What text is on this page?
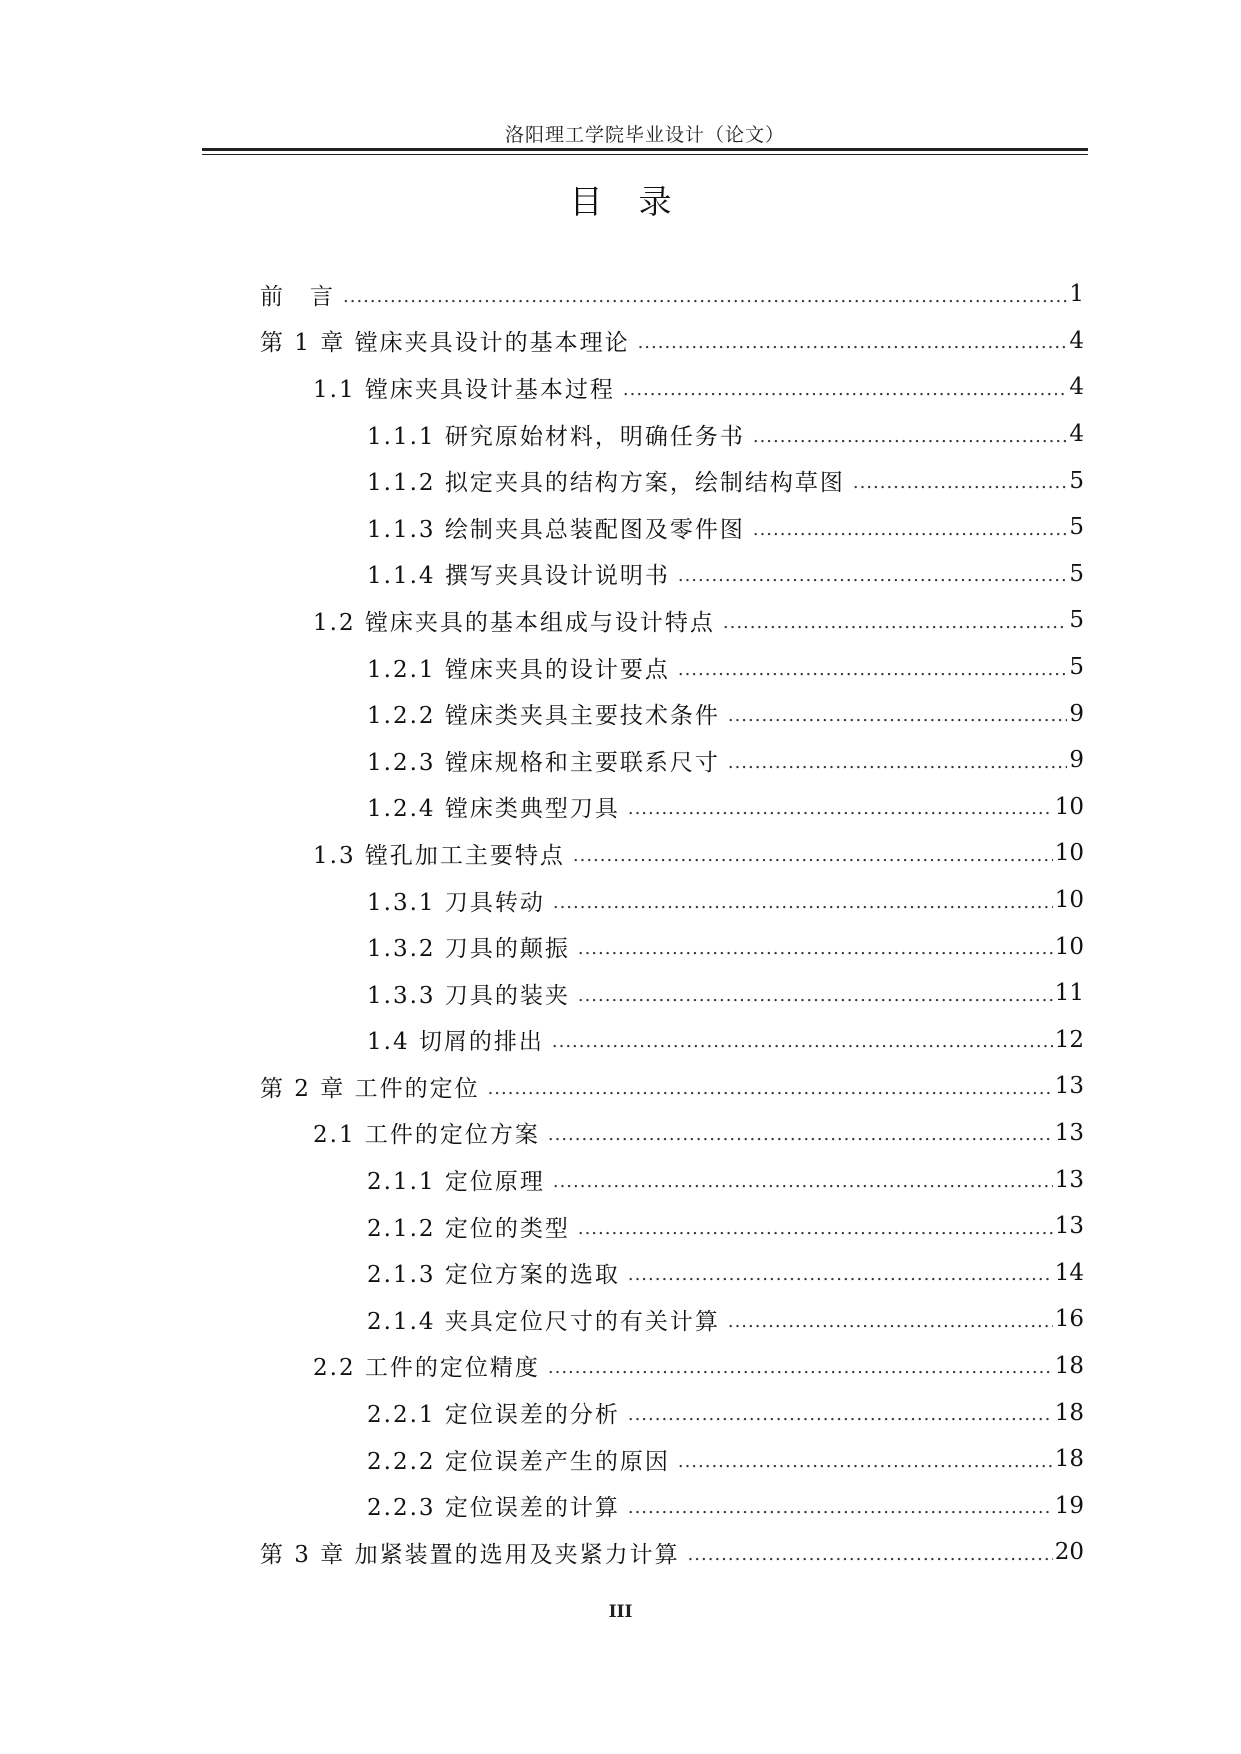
洛阳理工学院毕业设计（论文）
目录
前　言 .....	1
第 1 章 镗床夹具设计的基本理论 .....	4
1.1 镗床夹具设计基本过程 .....	4
1.1.1 研究原始材料，明确任务书 .....	4
1.1.2 拟定夹具的结构方案，绘制结构草图 .....	5
1.1.3 绘制夹具总装配图及零件图 .....	5
1.1.4 撰写夹具设计说明书 .....	5
1.2 镗床夹具的基本组成与设计特点 .....	5
1.2.1 镗床夹具的设计要点 .....	5
1.2.2 镗床类夹具主要技术条件 .....	9
1.2.3 镗床规格和主要联系尺寸 .....	9
1.2.4 镗床类典型刀具 .....	10
1.3 镗孔加工主要特点 .....	10
1.3.1 刀具转动 .....	10
1.3.2 刀具的颠振 .....	10
1.3.3 刀具的装夹 .....	11
1.4 切屑的排出 .....	12
第 2 章 工件的定位 .....	13
2.1 工件的定位方案 .....	13
2.1.1 定位原理 .....	13
2.1.2 定位的类型 .....	13
2.1.3 定位方案的选取 .....	14
2.1.4 夹具定位尺寸的有关计算 .....	16
2.2 工件的定位精度 .....	18
2.2.1 定位误差的分析 .....	18
2.2.2 定位误差产生的原因 .....	18
2.2.3 定位误差的计算 .....	19
第 3 章 加紧装置的选用及夹紧力计算 .....	20
III
